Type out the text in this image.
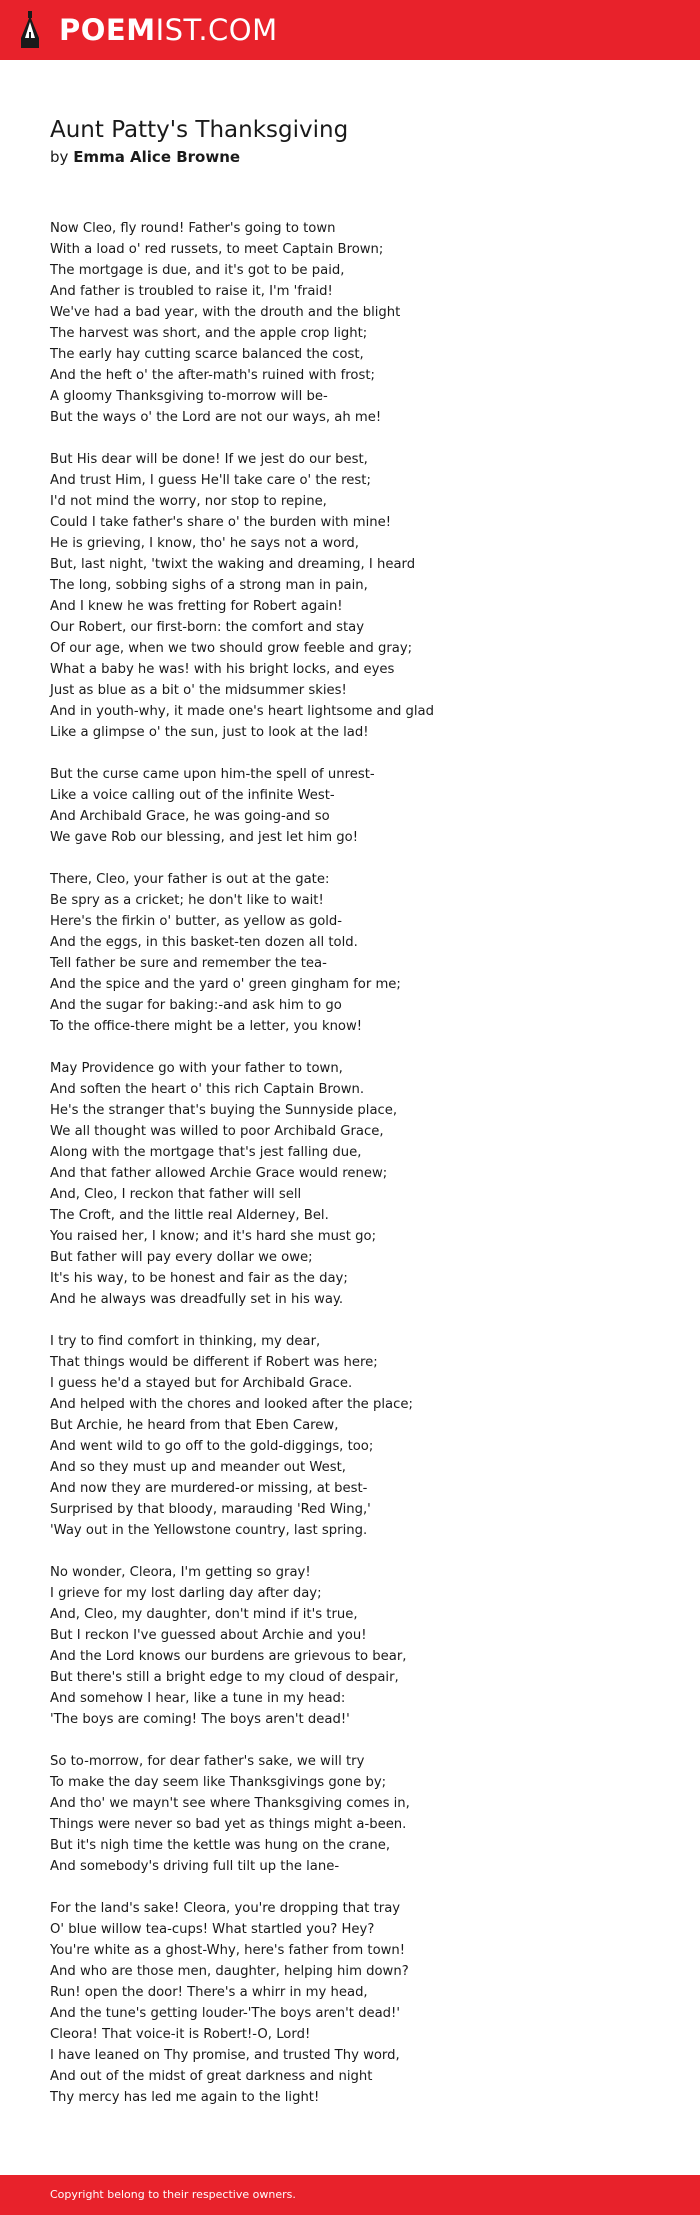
POEMIST.COM
Aunt Patty's Thanksgiving
by Emma Alice Browne
Now Cleo, fly round! Father's going to town
With a load o' red russets, to meet Captain Brown;
The mortgage is due, and it's got to be paid,
And father is troubled to raise it, I'm 'fraid!
We've had a bad year, with the drouth and the blight
The harvest was short, and the apple crop light;
The early hay cutting scarce balanced the cost,
And the heft o' the after-math's ruined with frost;
A gloomy Thanksgiving to-morrow will be-
But the ways o' the Lord are not our ways, ah me!
But His dear will be done! If we jest do our best,
And trust Him, I guess He'll take care o' the rest;
I'd not mind the worry, nor stop to repine,
Could I take father's share o' the burden with mine!
He is grieving, I know, tho' he says not a word,
But, last night, 'twixt the waking and dreaming, I heard
The long, sobbing sighs of a strong man in pain,
And I knew he was fretting for Robert again!
Our Robert, our first-born: the comfort and stay
Of our age, when we two should grow feeble and gray;
What a baby he was! with his bright locks, and eyes
Just as blue as a bit o' the midsummer skies!
And in youth-why, it made one's heart lightsome and glad
Like a glimpse o' the sun, just to look at the lad!
But the curse came upon him-the spell of unrest-
Like a voice calling out of the infinite West-
And Archibald Grace, he was going-and so
We gave Rob our blessing, and jest let him go!
There, Cleo, your father is out at the gate:
Be spry as a cricket; he don't like to wait!
Here's the firkin o' butter, as yellow as gold-
And the eggs, in this basket-ten dozen all told.
Tell father be sure and remember the tea-
And the spice and the yard o' green gingham for me;
And the sugar for baking:-and ask him to go
To the office-there might be a letter, you know!
May Providence go with your father to town,
And soften the heart o' this rich Captain Brown.
He's the stranger that's buying the Sunnyside place,
We all thought was willed to poor Archibald Grace,
Along with the mortgage that's jest falling due,
And that father allowed Archie Grace would renew;
And, Cleo, I reckon that father will sell
The Croft, and the little real Alderney, Bel.
You raised her, I know; and it's hard she must go;
But father will pay every dollar we owe;
It's his way, to be honest and fair as the day;
And he always was dreadfully set in his way.
I try to find comfort in thinking, my dear,
That things would be different if Robert was here;
I guess he'd a stayed but for Archibald Grace.
And helped with the chores and looked after the place;
But Archie, he heard from that Eben Carew,
And went wild to go off to the gold-diggings, too;
And so they must up and meander out West,
And now they are murdered-or missing, at best-
Surprised by that bloody, marauding 'Red Wing,'
'Way out in the Yellowstone country, last spring.
No wonder, Cleora, I'm getting so gray!
I grieve for my lost darling day after day;
And, Cleo, my daughter, don't mind if it's true,
But I reckon I've guessed about Archie and you!
And the Lord knows our burdens are grievous to bear,
But there's still a bright edge to my cloud of despair,
And somehow I hear, like a tune in my head:
'The boys are coming! The boys aren't dead!'
So to-morrow, for dear father's sake, we will try
To make the day seem like Thanksgivings gone by;
And tho' we mayn't see where Thanksgiving comes in,
Things were never so bad yet as things might a-been.
But it's nigh time the kettle was hung on the crane,
And somebody's driving full tilt up the lane-
For the land's sake! Cleora, you're dropping that tray
O' blue willow tea-cups! What startled you? Hey?
You're white as a ghost-Why, here's father from town!
And who are those men, daughter, helping him down?
Run! open the door! There's a whirr in my head,
And the tune's getting louder-'The boys aren't dead!'
Cleora! That voice-it is Robert!-O, Lord!
I have leaned on Thy promise, and trusted Thy word,
And out of the midst of great darkness and night
Thy mercy has led me again to the light!
Copyright belong to their respective owners.
